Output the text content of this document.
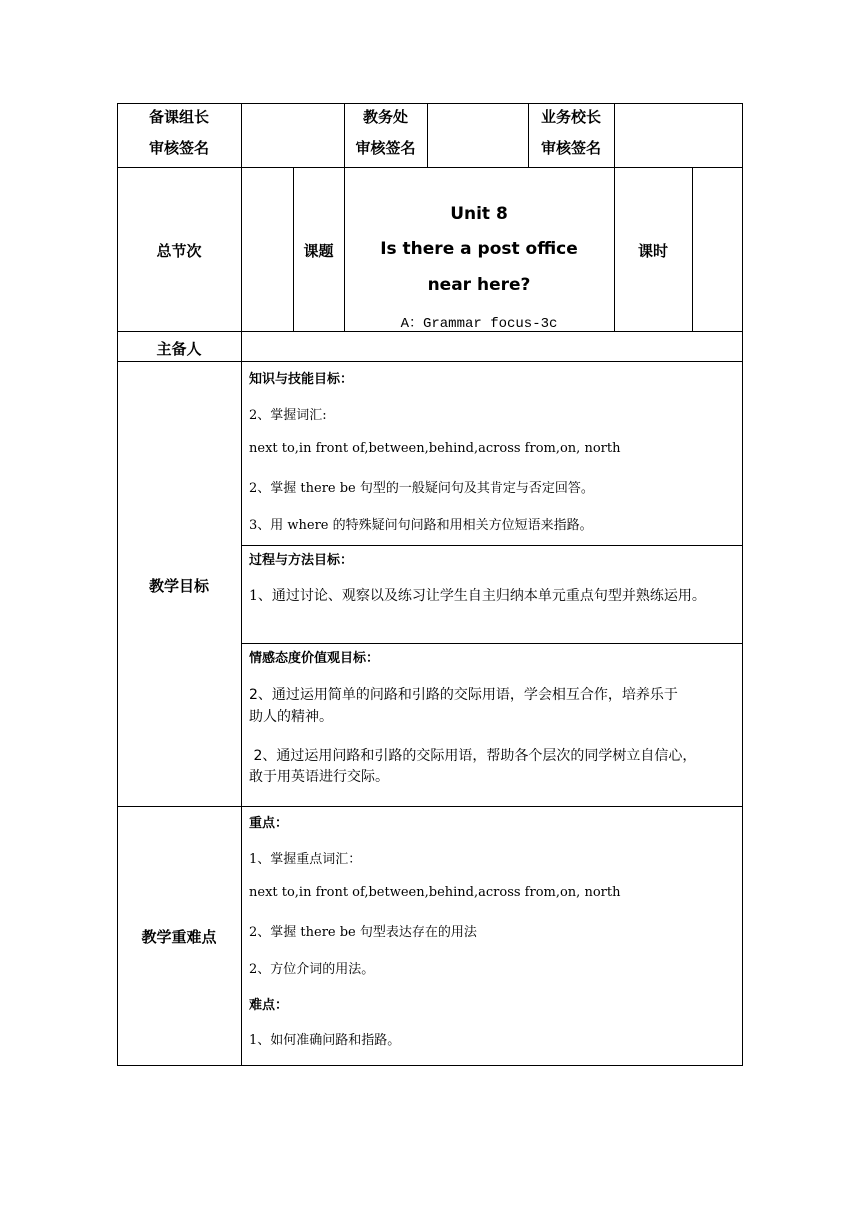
备课组长
审核签名
教务处
审核签名
业务校长
审核签名
总节次	课题
Unit 8
Is there a post office
near here?
A：Grammar focus-3c
课时
主备人
教学目标
知识与技能目标：
2、掌握词汇:
next to,in front of,between,behind,across from,on, north
2、掌握 there be 句型的一般疑问句及其肯定与否定回答。
3、用 where 的特殊疑问句问路和用相关方位短语来指路。
过程与方法目标：
1、通过讨论、观察以及练习让学生自主归纳本单元重点句型并熟练运用。
情感态度价值观目标：
2、通过运用简单的问路和引路的交际用语，学会相互合作，培养乐于
助人的精神。
2、通过运用问路和引路的交际用语，帮助各个层次的同学树立自信心，
敢于用英语进行交际。
教学重难点
重点：
1、掌握重点词汇：
next to,in front of,between,behind,across from,on, north
2、掌握 there be 句型表达存在的用法
2、方位介词的用法。
难点：
1、如何准确问路和指路。
